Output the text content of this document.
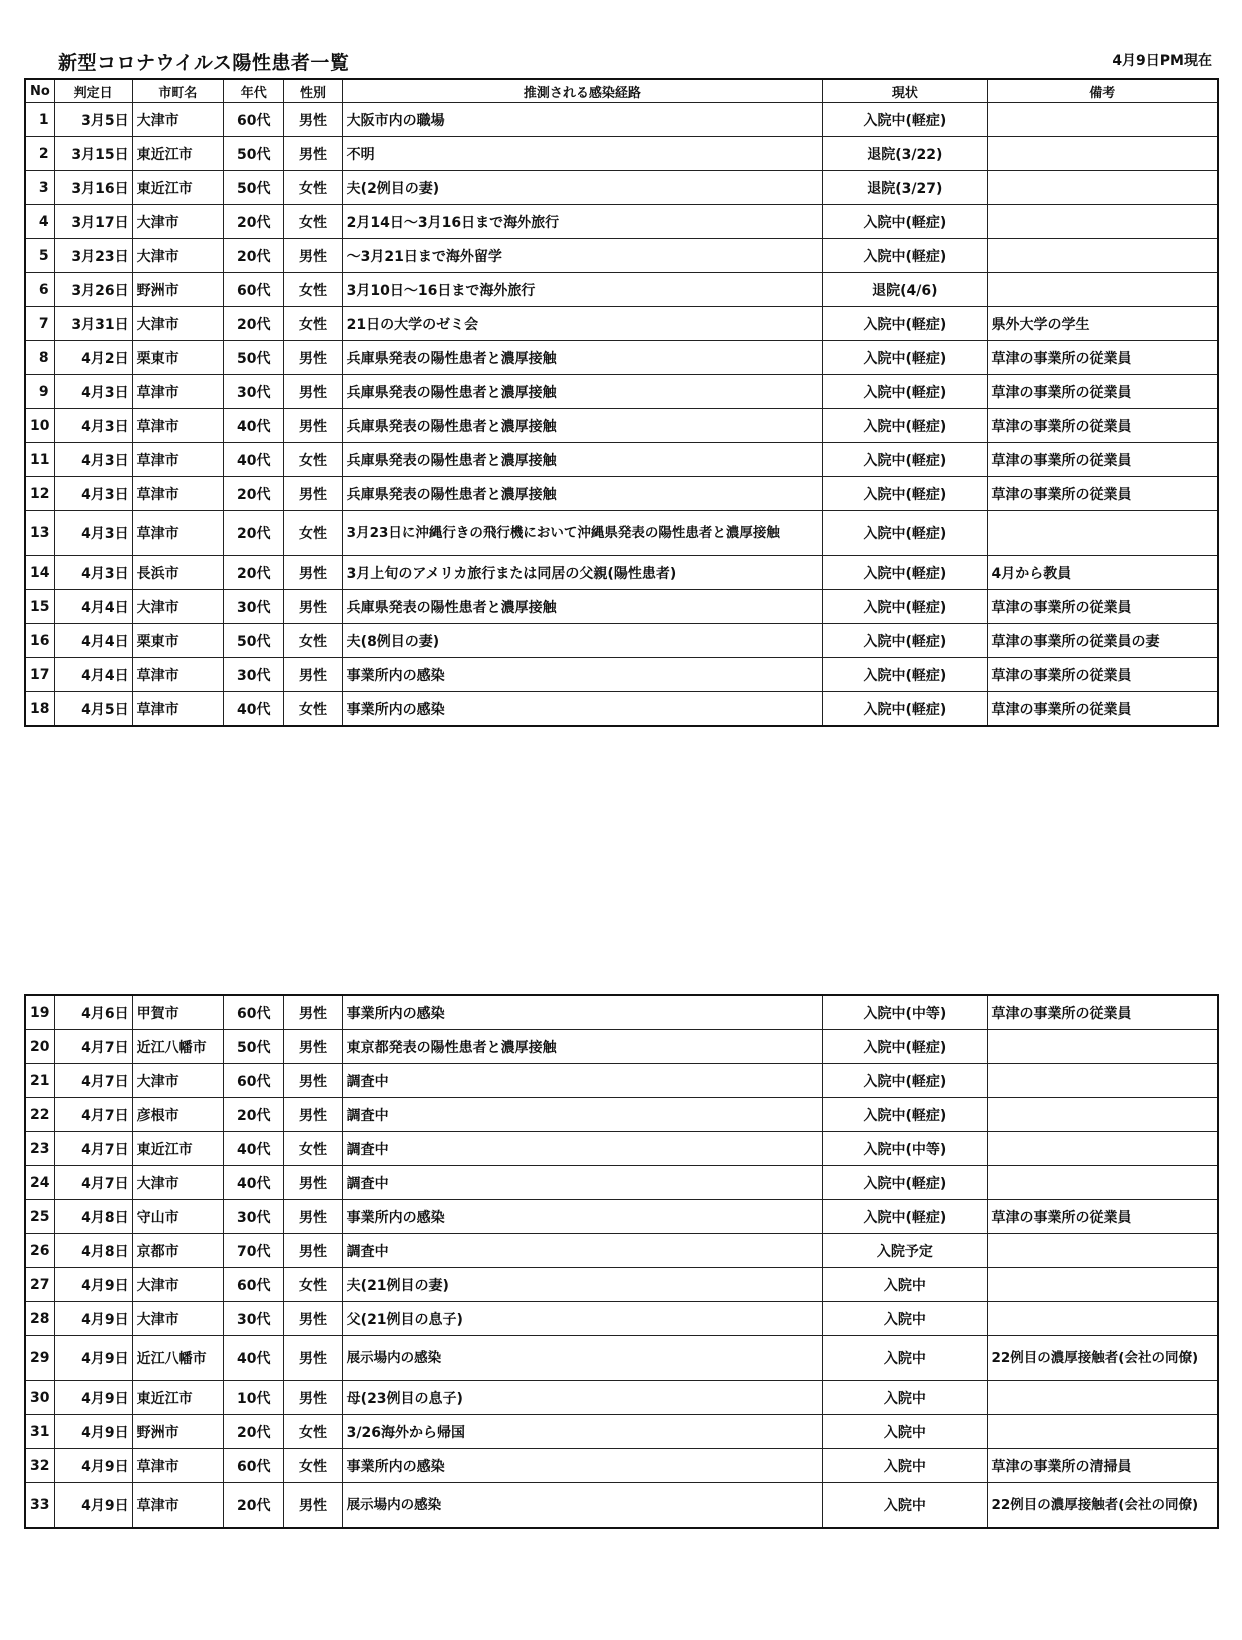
新型コロナウイルス陽性患者一覧	4月9日PM現在
No	判定日	市町名	年代	性別	推測される感染経路	現状	備考
1	3月5日	大津市	60代	男性	大阪市内の職場	入院中(軽症)	
2	3月15日	東近江市	50代	男性	不明	退院(3/22)	
3	3月16日	東近江市	50代	女性	夫(2例目の妻)	退院(3/27)	
4	3月17日	大津市	20代	女性	2月14日～3月16日まで海外旅行	入院中(軽症)	
5	3月23日	大津市	20代	男性	～3月21日まで海外留学	入院中(軽症)	
6	3月26日	野洲市	60代	女性	3月10日～16日まで海外旅行	退院(4/6)	
7	3月31日	大津市	20代	女性	21日の大学のゼミ会	入院中(軽症)	県外大学の学生
8	4月2日	栗東市	50代	男性	兵庫県発表の陽性患者と濃厚接触	入院中(軽症)	草津の事業所の従業員
9	4月3日	草津市	30代	男性	兵庫県発表の陽性患者と濃厚接触	入院中(軽症)	草津の事業所の従業員
10	4月3日	草津市	40代	男性	兵庫県発表の陽性患者と濃厚接触	入院中(軽症)	草津の事業所の従業員
11	4月3日	草津市	40代	女性	兵庫県発表の陽性患者と濃厚接触	入院中(軽症)	草津の事業所の従業員
12	4月3日	草津市	20代	男性	兵庫県発表の陽性患者と濃厚接触	入院中(軽症)	草津の事業所の従業員
13	4月3日	草津市	20代	女性	3月23日に沖縄行きの飛行機において沖縄県発表の陽性患者と濃厚接触	入院中(軽症)	
14	4月3日	長浜市	20代	男性	3月上旬のアメリカ旅行または同居の父親(陽性患者)	入院中(軽症)	4月から教員
15	4月4日	大津市	30代	男性	兵庫県発表の陽性患者と濃厚接触	入院中(軽症)	草津の事業所の従業員
16	4月4日	栗東市	50代	女性	夫(8例目の妻)	入院中(軽症)	草津の事業所の従業員の妻
17	4月4日	草津市	30代	男性	事業所内の感染	入院中(軽症)	草津の事業所の従業員
18	4月5日	草津市	40代	女性	事業所内の感染	入院中(軽症)	草津の事業所の従業員
19	4月6日	甲賀市	60代	男性	事業所内の感染	入院中(中等)	草津の事業所の従業員
20	4月7日	近江八幡市	50代	男性	東京都発表の陽性患者と濃厚接触	入院中(軽症)	
21	4月7日	大津市	60代	男性	調査中	入院中(軽症)	
22	4月7日	彦根市	20代	男性	調査中	入院中(軽症)	
23	4月7日	東近江市	40代	女性	調査中	入院中(中等)	
24	4月7日	大津市	40代	男性	調査中	入院中(軽症)	
25	4月8日	守山市	30代	男性	事業所内の感染	入院中(軽症)	草津の事業所の従業員
26	4月8日	京都市	70代	男性	調査中	入院予定	
27	4月9日	大津市	60代	女性	夫(21例目の妻)	入院中	
28	4月9日	大津市	30代	男性	父(21例目の息子)	入院中	
29	4月9日	近江八幡市	40代	男性	展示場内の感染	入院中	22例目の濃厚接触者(会社の同僚)
30	4月9日	東近江市	10代	男性	母(23例目の息子)	入院中	
31	4月9日	野洲市	20代	女性	3/26海外から帰国	入院中	
32	4月9日	草津市	60代	女性	事業所内の感染	入院中	草津の事業所の清掃員
33	4月9日	草津市	20代	男性	展示場内の感染	入院中	22例目の濃厚接触者(会社の同僚)
